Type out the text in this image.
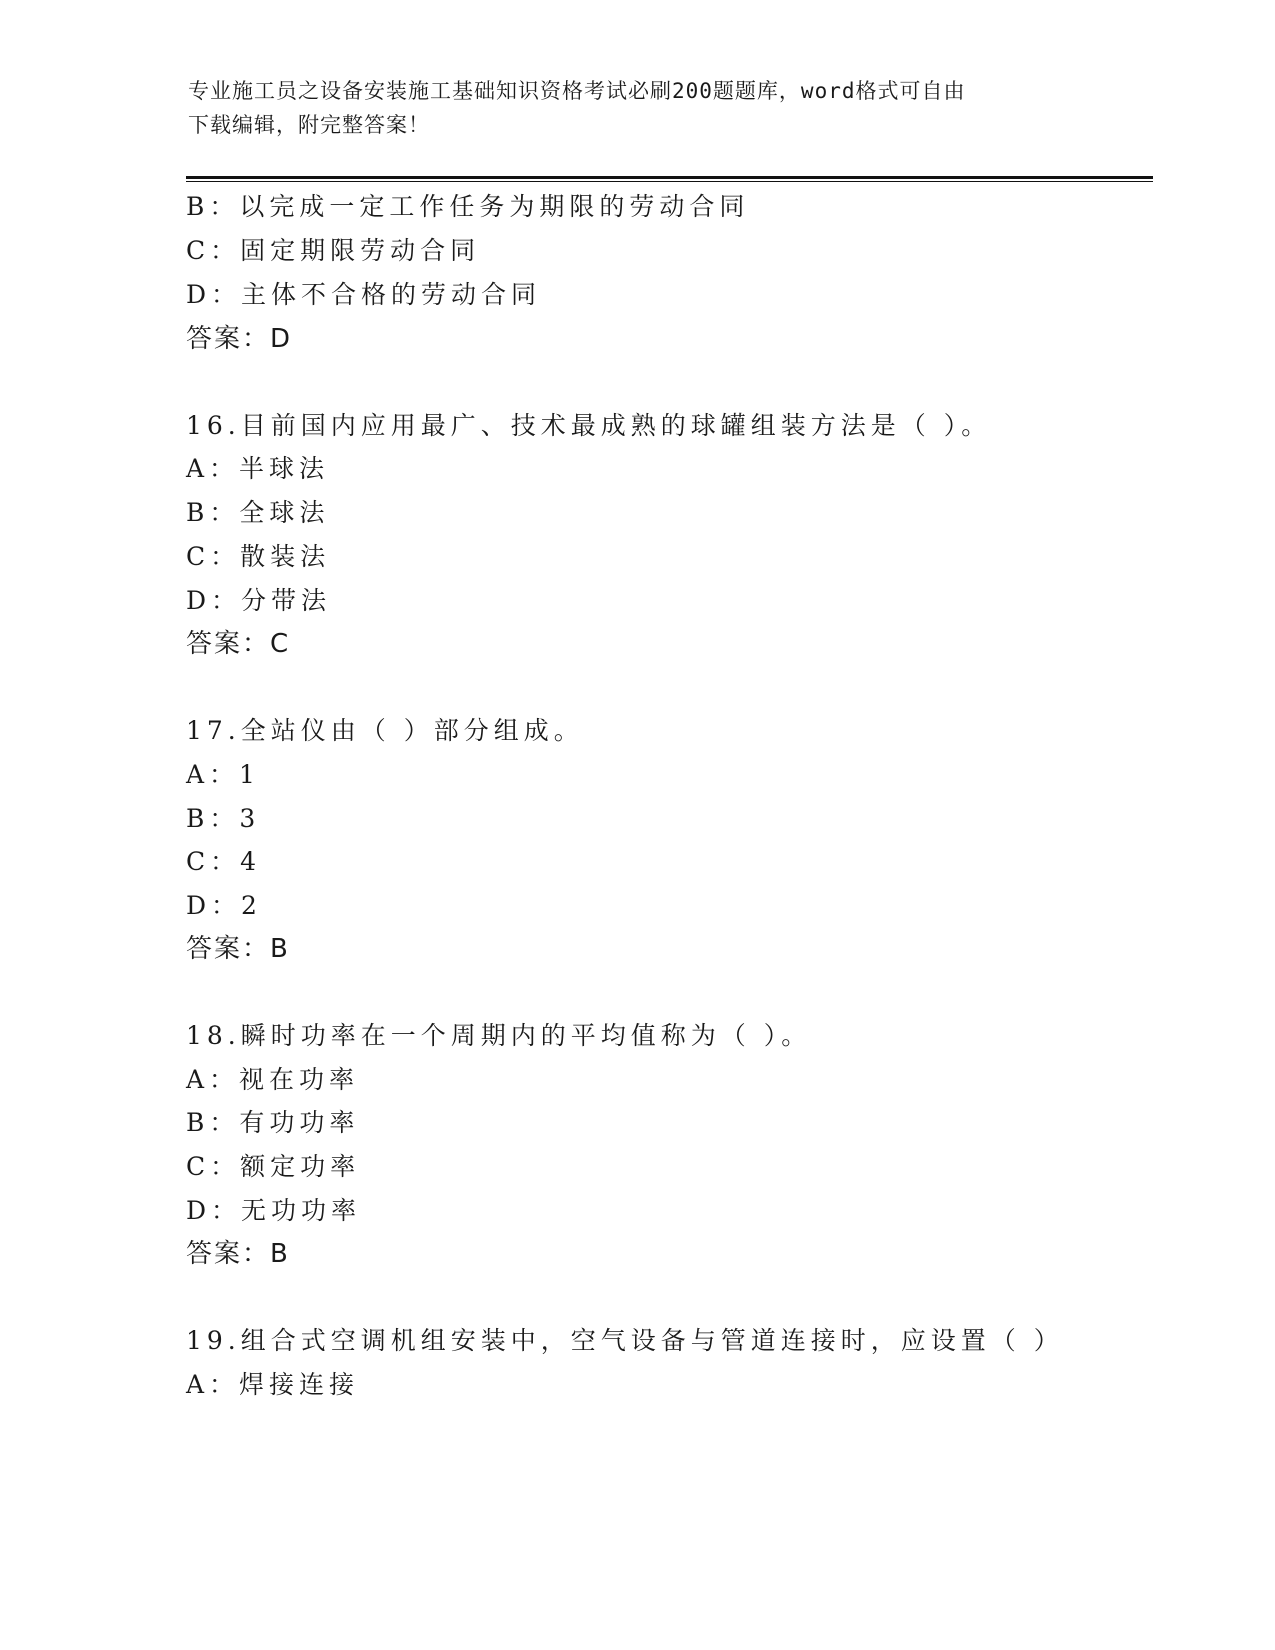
专业施工员之设备安装施工基础知识资格考试必刷200题题库，word格式可自由
下载编辑，附完整答案！
B：以完成一定工作任务为期限的劳动合同
C：固定期限劳动合同
D：主体不合格的劳动合同
答案：D
16.目前国内应用最广、技术最成熟的球罐组装方法是（ ）。
A：半球法
B：全球法
C：散装法
D：分带法
答案：C
17.全站仪由（ ）部分组成。
A：1
B：3
C：4
D：2
答案：B
18.瞬时功率在一个周期内的平均值称为（ ）。
A：视在功率
B：有功功率
C：额定功率
D：无功功率
答案：B
19.组合式空调机组安装中，空气设备与管道连接时，应设置（ ）
A：焊接连接
